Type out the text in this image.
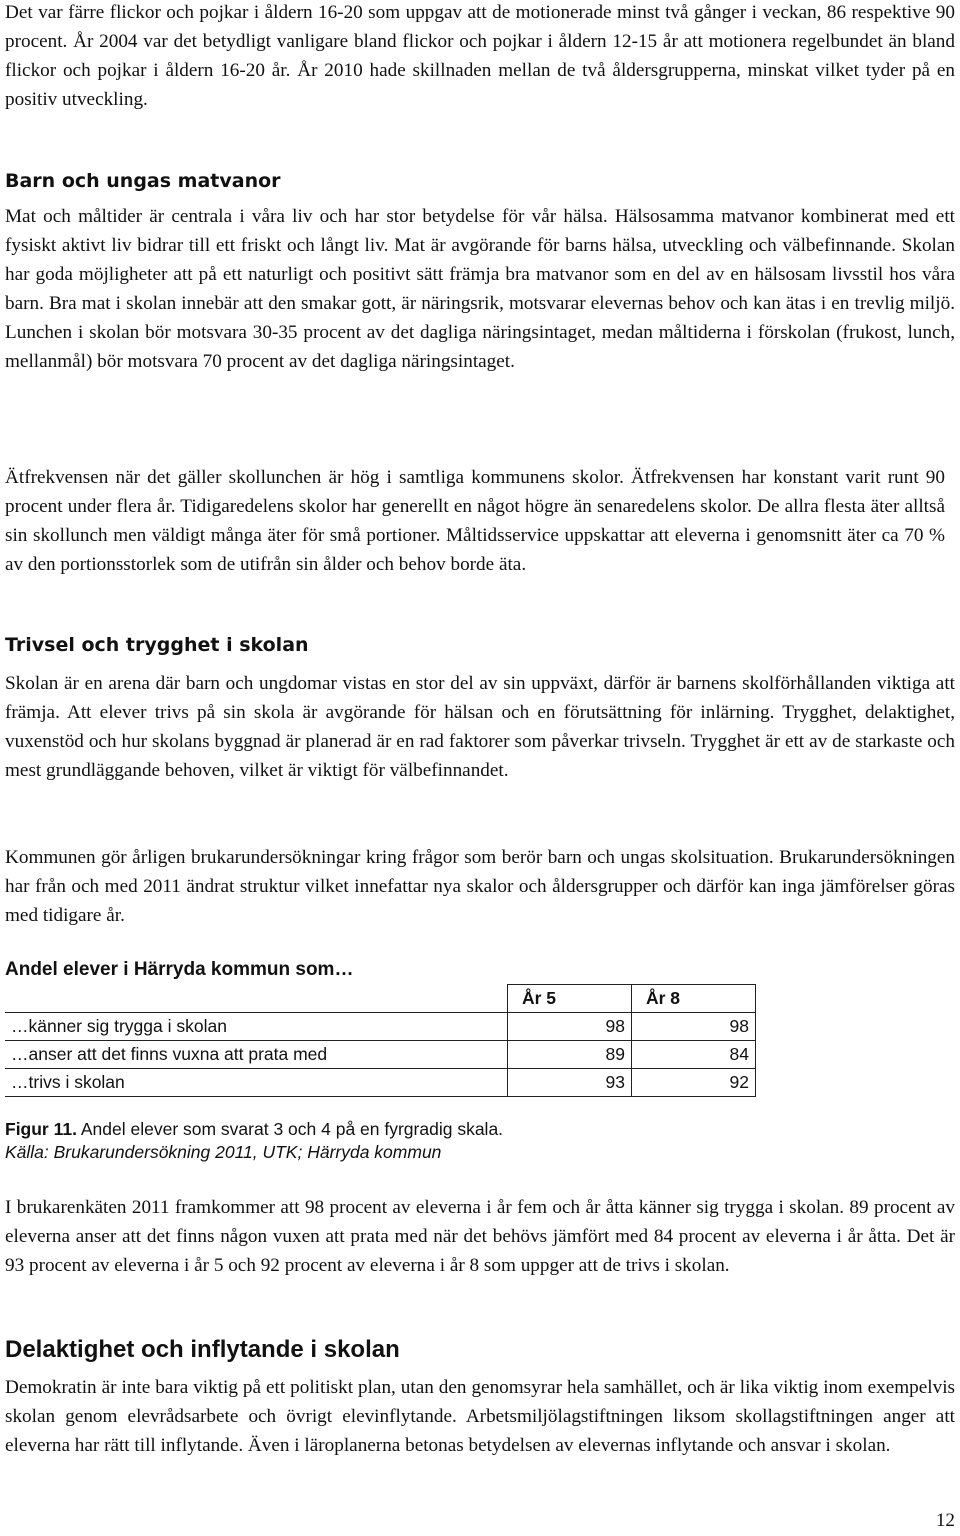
Det var färre flickor och pojkar i åldern 16-20 som uppgav att de motionerade minst två gånger i veckan, 86 respektive 90 procent. År 2004 var det betydligt vanligare bland flickor och pojkar i åldern 12-15 år att motionera regelbundet än bland flickor och pojkar i åldern 16-20 år. År 2010 hade skillnaden mellan de två åldersgrupperna, minskat vilket tyder på en positiv utveckling.

Barn och ungas matvanor

Mat och måltider är centrala i våra liv och har stor betydelse för vår hälsa. Hälsosamma matvanor kombinerat med ett fysiskt aktivt liv bidrar till ett friskt och långt liv. Mat är avgörande för barns hälsa, utveckling och välbefinnande. Skolan har goda möjligheter att på ett naturligt och positivt sätt främja bra matvanor som en del av en hälsosam livsstil hos våra barn. Bra mat i skolan innebär att den smakar gott, är näringsrik, motsvarar elevernas behov och kan ätas i en trevlig miljö. Lunchen i skolan bör motsvara 30-35 procent av det dagliga näringsintaget, medan måltiderna i förskolan (frukost, lunch, mellanmål) bör motsvara 70 procent av det dagliga näringsintaget.

Ätfrekvensen när det gäller skollunchen är hög i samtliga kommunens skolor. Ätfrekvensen har konstant varit runt 90 procent under flera år. Tidigaredelens skolor har generellt en något högre än senaredelens skolor. De allra flesta äter alltså sin skollunch men väldigt många äter för små portioner. Måltidsservice uppskattar att eleverna i genomsnitt äter ca 70 % av den portionsstorlek som de utifrån sin ålder och behov borde äta.

Trivsel och trygghet i skolan

Skolan är en arena där barn och ungdomar vistas en stor del av sin uppväxt, därför är barnens skolförhållanden viktiga att främja. Att elever trivs på sin skola är avgörande för hälsan och en förutsättning för inlärning. Trygghet, delaktighet, vuxenstöd och hur skolans byggnad är planerad är en rad faktorer som påverkar trivseln. Trygghet är ett av de starkaste och mest grundläggande behoven, vilket är viktigt för välbefinnandet.

Kommunen gör årligen brukarundersökningar kring frågor som berör barn och ungas skolsituation. Brukarundersökningen har från och med 2011 ändrat struktur vilket innefattar nya skalor och åldersgrupper och därför kan inga jämförelser göras med tidigare år.

Andel elever i Härryda kommun som…
	År 5	År 8
…känner sig trygga i skolan	98	98
…anser att det finns vuxna att prata med	89	84
…trivs i skolan	93	92
Figur 11. Andel elever som svarat 3 och 4 på en fyrgradig skala.
Källa: Brukarundersökning 2011, UTK; Härryda kommun

I brukarenkäten 2011 framkommer att 98 procent av eleverna i år fem och år åtta känner sig trygga i skolan. 89 procent av eleverna anser att det finns någon vuxen att prata med när det behövs jämfört med 84 procent av eleverna i år åtta. Det är 93 procent av eleverna i år 5 och 92 procent av eleverna i år 8 som uppger att de trivs i skolan.

Delaktighet och inflytande i skolan

Demokratin är inte bara viktig på ett politiskt plan, utan den genomsyrar hela samhället, och är lika viktig inom exempelvis skolan genom elevrådsarbete och övrigt elevinflytande. Arbetsmiljölagstiftningen liksom skollagstiftningen anger att eleverna har rätt till inflytande. Även i läroplanerna betonas betydelsen av elevernas inflytande och ansvar i skolan.

12
